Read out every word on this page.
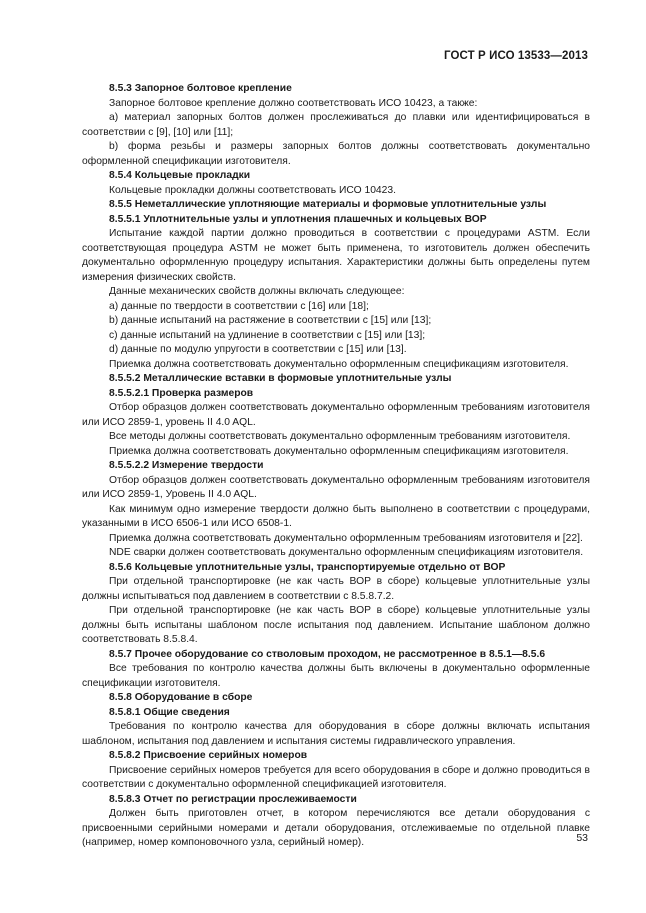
ГОСТ Р ИСО 13533—2013

8.5.3 Запорное болтовое крепление

Запорное болтовое крепление должно соответствовать ИСО 10423, а также:

а) материал запорных болтов должен прослеживаться до плавки или идентифицироваться в соответствии с [9], [10] или [11];

b) форма резьбы и размеры запорных болтов должны соответствовать документально оформленной спецификации изготовителя.

8.5.4 Кольцевые прокладки

Кольцевые прокладки должны соответствовать ИСО 10423.

8.5.5 Неметаллические уплотняющие материалы и формовые уплотнительные узлы

8.5.5.1 Уплотнительные узлы и уплотнения плашечных и кольцевых ВОР

Испытание каждой партии должно проводиться в соответствии с процедурами ASTM. Если соответствующая процедура ASTM не может быть применена, то изготовитель должен обеспечить документально оформленную процедуру испытания. Характеристики должны быть определены путем измерения физических свойств.

Данные механических свойств должны включать следующее:

а) данные по твердости в соответствии с [16] или [18];

b) данные испытаний на растяжение в соответствии с [15] или [13];

c) данные испытаний на удлинение в соответствии с [15] или [13];

d) данные по модулю упругости в соответствии с [15] или [13].

Приемка должна соответствовать документально оформленным спецификациям изготовителя.

8.5.5.2 Металлические вставки в формовые уплотнительные узлы

8.5.5.2.1 Проверка размеров

Отбор образцов должен соответствовать документально оформленным требованиям изготовителя или ИСО 2859-1, уровень II 4.0 AQL.

Все методы должны соответствовать документально оформленным требованиям изготовителя.

Приемка должна соответствовать документально оформленным спецификациям изготовителя.

8.5.5.2.2 Измерение твердости

Отбор образцов должен соответствовать документально оформленным требованиям изготовителя или ИСО 2859-1, Уровень II 4.0 AQL.

Как минимум одно измерение твердости должно быть выполнено в соответствии с процедурами, указанными в ИСО 6506-1 или ИСО 6508-1.

Приемка должна соответствовать документально оформленным требованиям изготовителя и [22].

NDE сварки должен соответствовать документально оформленным спецификациям изготовителя.

8.5.6 Кольцевые уплотнительные узлы, транспортируемые отдельно от ВОР

При отдельной транспортировке (не как часть ВОР в сборе) кольцевые уплотнительные узлы должны испытываться под давлением в соответствии с 8.5.8.7.2.

При отдельной транспортировке (не как часть ВОР в сборе) кольцевые уплотнительные узлы должны быть испытаны шаблоном после испытания под давлением. Испытание шаблоном должно соответствовать 8.5.8.4.

8.5.7 Прочее оборудование со стволовым проходом, не рассмотренное в 8.5.1—8.5.6

Все требования по контролю качества должны быть включены в документально оформленные спецификации изготовителя.

8.5.8 Оборудование в сборе

8.5.8.1 Общие сведения

Требования по контролю качества для оборудования в сборе должны включать испытания шаблоном, испытания под давлением и испытания системы гидравлического управления.

8.5.8.2 Присвоение серийных номеров

Присвоение серийных номеров требуется для всего оборудования в сборе и должно проводиться в соответствии с документально оформленной спецификацией изготовителя.

8.5.8.3 Отчет по регистрации прослеживаемости

Должен быть приготовлен отчет, в котором перечисляются все детали оборудования с присвоенными серийными номерами и детали оборудования, отслеживаемые по отдельной плавке (например, номер компоновочного узла, серийный номер).	53
